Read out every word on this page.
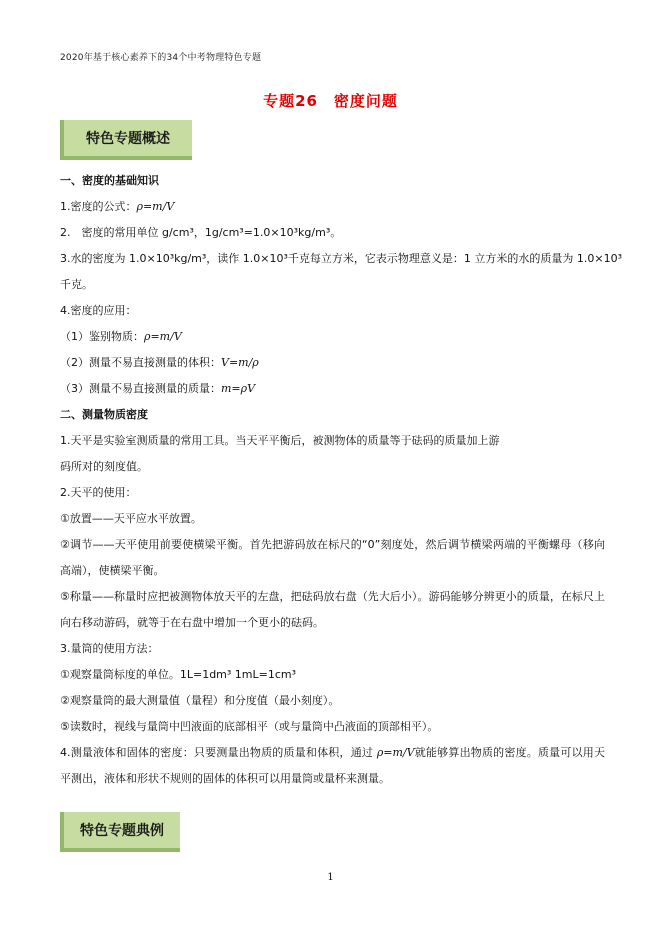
2020年基于核心素养下的34个中考物理特色专题
专题26　密度问题
特色专题概述
一、密度的基础知识
1.密度的公式：ρ=m/V
2.　密度的常用单位 g/cm³，1g/cm³=1.0×10³kg/m³。
3.水的密度为 1.0×10³kg/m³，读作 1.0×10³千克每立方米，它表示物理意义是：1 立方米的水的质量为 1.0×10³
千克。
4.密度的应用：
（1）鉴别物质：ρ=m/V
（2）测量不易直接测量的体积：V=m/ρ
（3）测量不易直接测量的质量：m=ρV
二、测量物质密度
1.天平是实验室测质量的常用工具。当天平平衡后，被测物体的质量等于砝码的质量加上游
码所对的刻度值。
2.天平的使用：
①放置——天平应水平放置。
②调节——天平使用前要使横梁平衡。首先把游码放在标尺的“0”刻度处，然后调节横梁两端的平衡螺母（移向高端），使横梁平衡。
⑤称量——称量时应把被测物体放天平的左盘，把砝码放右盘（先大后小）。游码能够分辨更小的质量，在标尺上向右移动游码，就等于在右盘中增加一个更小的砝码。
3.量筒的使用方法：
①观察量筒标度的单位。1L=1dm³ 1mL=1cm³
②观察量筒的最大测量值（量程）和分度值（最小刻度）。
⑤读数时，视线与量筒中凹液面的底部相平（或与量筒中凸液面的顶部相平）。
4.测量液体和固体的密度：只要测量出物质的质量和体积，通过 ρ=m/V就能够算出物质的密度。质量可以用天平测出，液体和形状不规则的固体的体积可以用量筒或量杯来测量。
特色专题典例
1
